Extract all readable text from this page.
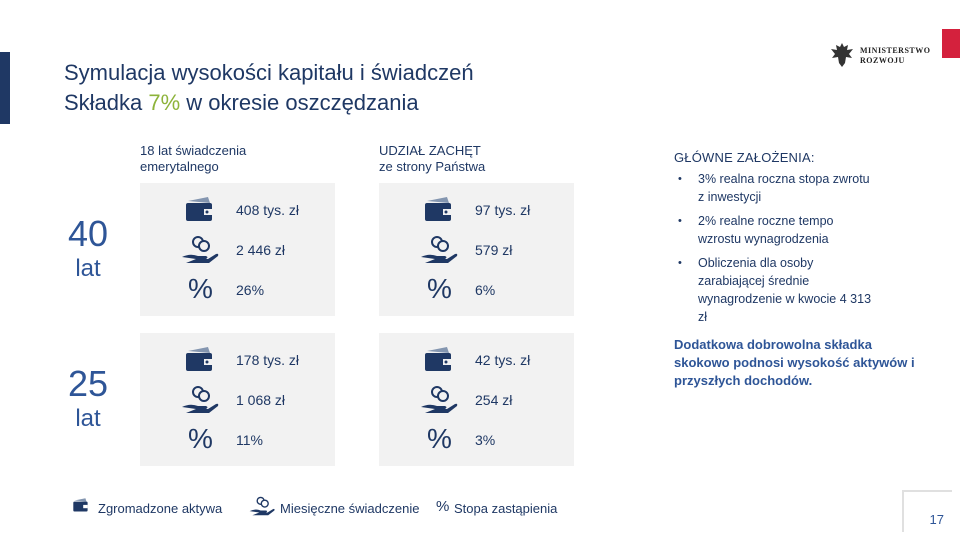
Symulacja wysokości kapitału i świadczeń
Składka 7% w okresie oszczędzania
MINISTERSTWO
ROZWOJU
18 lat świadczenia
emerytalnego
UDZIAŁ ZACHĘT
ze strony Państwa
40
lat
25
lat
408 tys. zł
2 446 zł
% 26%
97 tys. zł
579 zł
% 6%
178 tys. zł
1 068 zł
% 11%
42 tys. zł
254 zł
% 3%
GŁÓWNE ZAŁOŻENIA:
• 3% realna roczna stopa zwrotu z inwestycji
• 2% realne roczne tempo wzrostu wynagrodzenia
• Obliczenia dla osoby zarabiającej średnie wynagrodzenie w kwocie 4 313 zł
Dodatkowa dobrowolna składka skokowo podnosi wysokość aktywów i przyszłych dochodów.
Zgromadzone aktywa	Miesięczne świadczenie % Stopa zastąpienia
17
